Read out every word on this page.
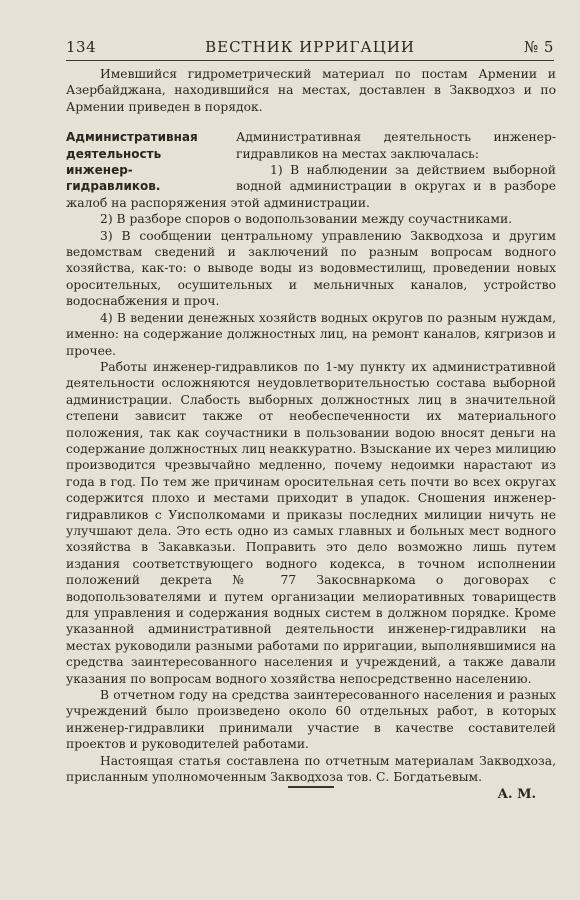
134	ВЕСТНИК ИРРИГАЦИИ	№ 5

Имевшийся гидрометрический материал по постам Армении и Азербайджана, находившийся на местах, доставлен в Закводхоз и по Армении приведен в порядок.

Административная деятельность инженер-гидравликов.

Административная деятельность инженер-гидравликов на местах заключалась:

1) В наблюдении за действием выборной водной администрации в округах и в разборе жалоб на распоряжения этой администрации.

2) В разборе споров о водопользовании между соучастниками.

3) В сообщении центральному управлению Закводхоза и другим ведомствам сведений и заключений по разным вопросам водного хозяйства, как-то: о выводе воды из водовместилищ, проведении новых оросительных, осушительных и мельничных каналов, устройство водоснабжения и проч.

4) В ведении денежных хозяйств водных округов по разным нуждам, именно: на содержание должностных лиц, на ремонт каналов, кягризов и прочее.

Работы инженер-гидравликов по 1-му пункту их административной деятельности осложняются неудовлетворительностью состава выборной администрации. Слабость выборных должностных лиц в значительной степени зависит также от необеспеченности их материального положения, так как соучастники в пользовании водою вносят деньги на содержание должностных лиц неаккуратно. Взыскание их через милицию производится чрезвычайно медленно, почему недоимки нарастают из года в год. По тем же причинам оросительная сеть почти во всех округах содержится плохо и местами приходит в упадок. Сношения инженер-гидравликов с Уисполкомами и приказы последних милиции ничуть не улучшают дела. Это есть одно из самых главных и больных мест водного хозяйства в Закавказьи. Поправить это дело возможно лишь путем издания соответствующего водного кодекса, в точном исполнении положений декрета № 77 Закосвнаркома о договорах с водопользователями и путем организации мелиоративных товариществ для управления и содержания водных систем в должном порядке. Кроме указанной административной деятельности инженер-гидравлики на местах руководили разными работами по ирригации, выполнявшимися на средства заинтересованного населения и учреждений, а также давали указания по вопросам водного хозяйства непосредственно населению.

В отчетном году на средства заинтересованного населения и разных учреждений было произведено около 60 отдельных работ, в которых инженер-гидравлики принимали участие в качестве составителей проектов и руководителей работами.

Настоящая статья составлена по отчетным материалам Закводхоза, присланным уполномоченным Закводхоза тов. С. Богдатьевым.

А. М.
